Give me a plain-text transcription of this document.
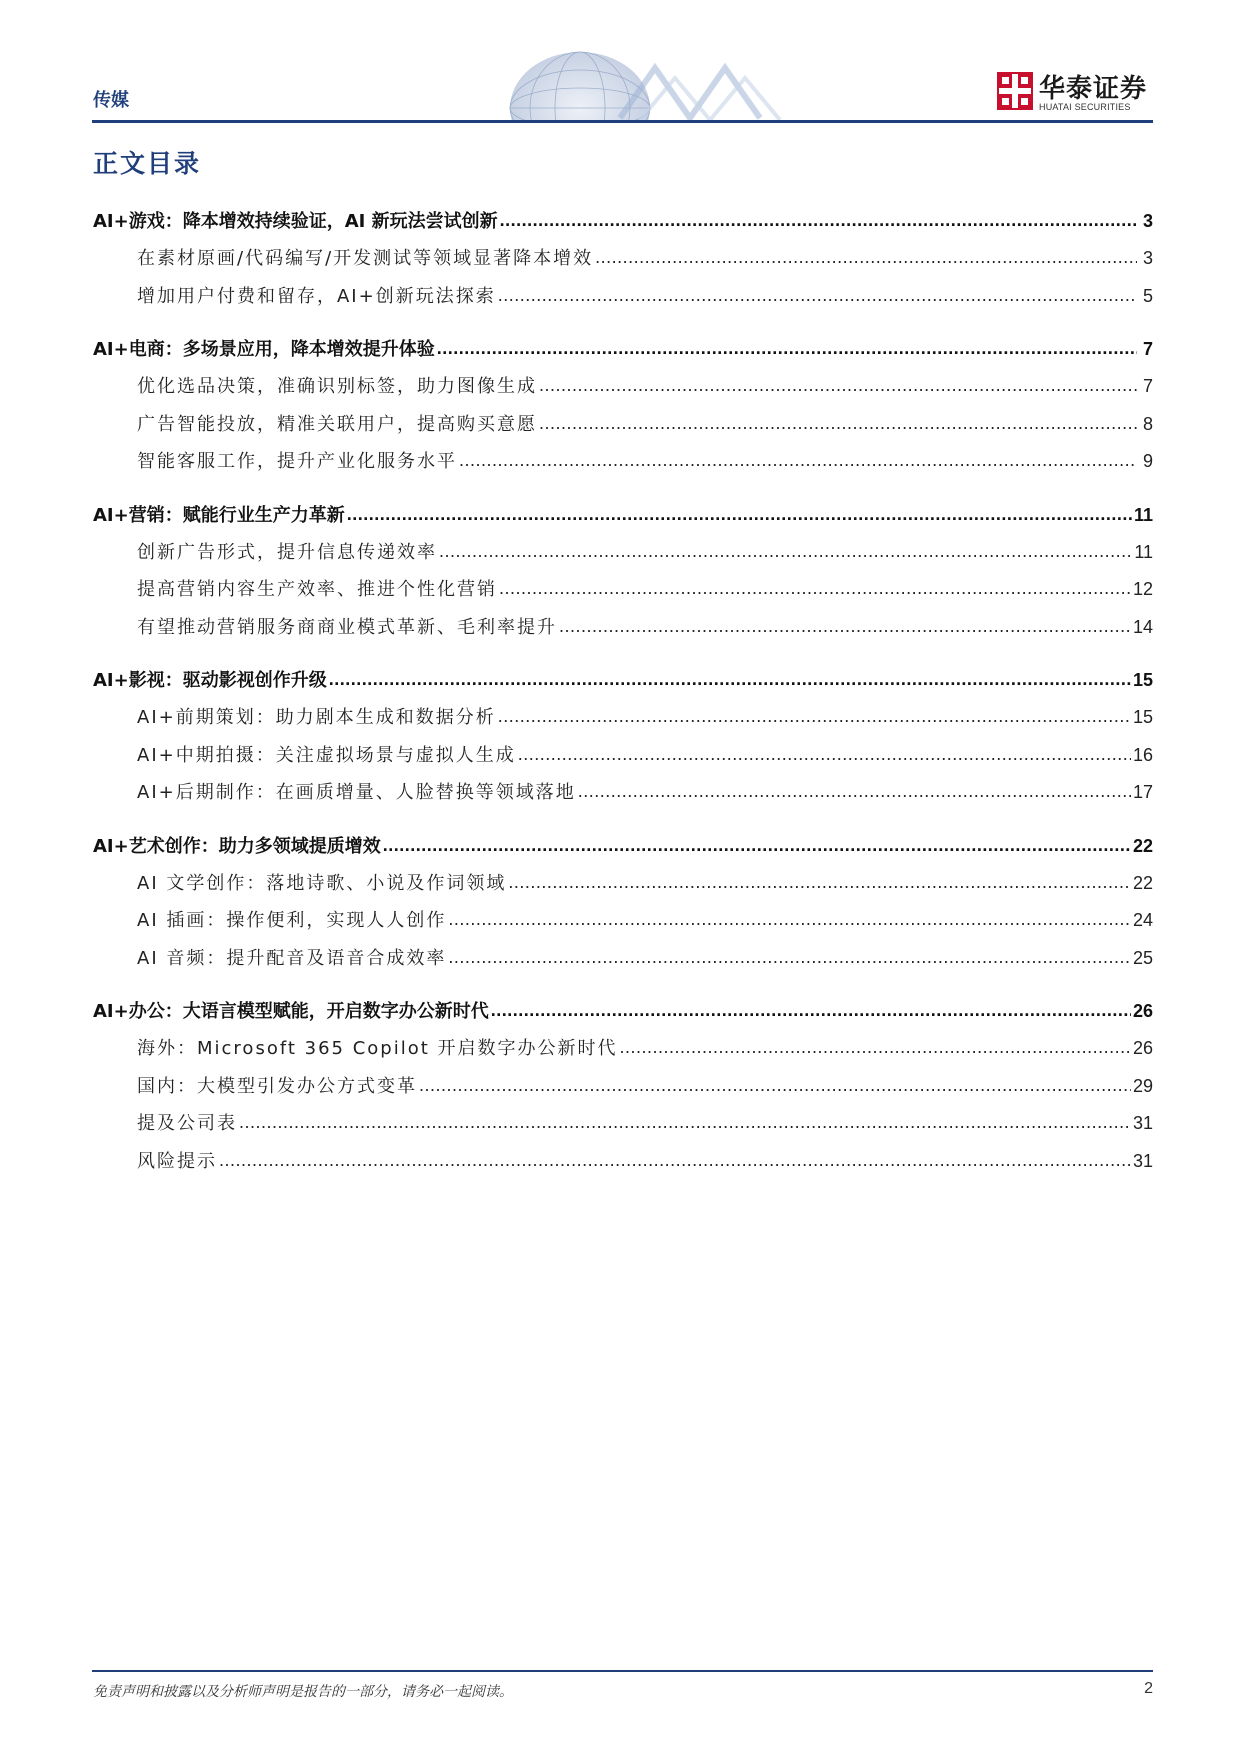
传媒	华泰证券
HUATAI SECURITIES
正文目录
AI+游戏：降本增效持续验证，AI 新玩法尝试创新 .....	3
在素材原画/代码编写/开发测试等领域显著降本增效 .....	3
增加用户付费和留存，AI+创新玩法探索 .....	5
AI+电商：多场景应用，降本增效提升体验 .....	7
优化选品决策，准确识别标签，助力图像生成 .....	7
广告智能投放，精准关联用户，提高购买意愿 .....	8
智能客服工作，提升产业化服务水平 .....	9
AI+营销：赋能行业生产力革新 .....	11
创新广告形式，提升信息传递效率 .....	11
提高营销内容生产效率、推进个性化营销 .....	12
有望推动营销服务商商业模式革新、毛利率提升 .....	14
AI+影视：驱动影视创作升级 .....	15
AI+前期策划：助力剧本生成和数据分析 .....	15
AI+中期拍摄：关注虚拟场景与虚拟人生成 .....	16
AI+后期制作：在画质增量、人脸替换等领域落地 .....	17
AI+艺术创作：助力多领域提质增效 .....	22
AI 文学创作：落地诗歌、小说及作词领域 .....	22
AI 插画：操作便利，实现人人创作 .....	24
AI 音频：提升配音及语音合成效率 .....	25
AI+办公：大语言模型赋能，开启数字办公新时代 .....	26
海外：Microsoft 365 Copilot 开启数字办公新时代 .....	26
国内：大模型引发办公方式变革 .....	29
提及公司表 .....	31
风险提示 .....	31
免责声明和披露以及分析师声明是报告的一部分，请务必一起阅读。	2
